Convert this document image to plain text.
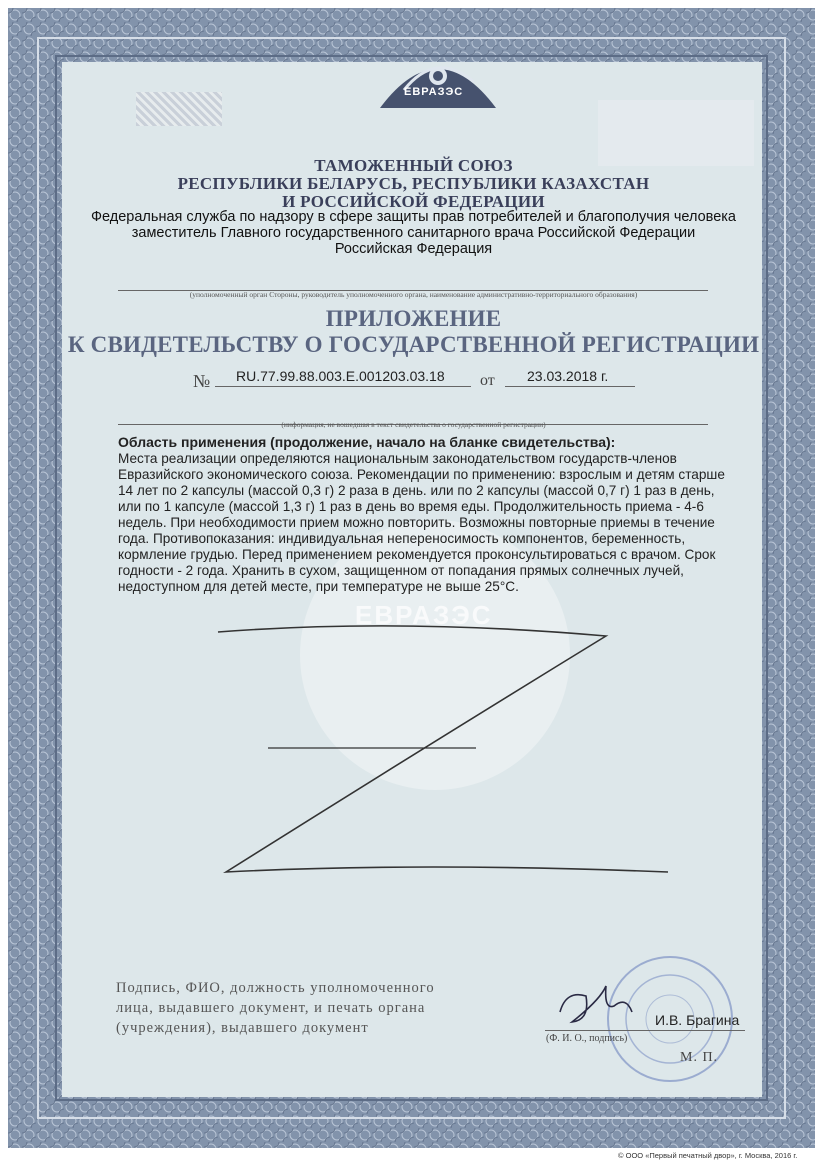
ЕВРАЗЭС
ЕВРАЗЭС
ТАМОЖЕННЫЙ СОЮЗ
РЕСПУБЛИКИ БЕЛАРУСЬ, РЕСПУБЛИКИ КАЗАХСТАН
И РОССИЙСКОЙ ФЕДЕРАЦИИ
Федеральная служба по надзору в сфере защиты прав потребителей и благополучия человека
заместитель Главного государственного санитарного врача Российской Федерации
Российская Федерация
(уполномоченный орган Стороны, руководитель уполномоченного органа, наименование административно-территориального образования)
ПРИЛОЖЕНИЕ
К СВИДЕТЕЛЬСТВУ О ГОСУДАРСТВЕННОЙ РЕГИСТРАЦИИ
№ RU.77.99.88.003.E.001203.03.18 от 23.03.2018 г.
(информация, не вошедшая в текст свидетельства о государственной регистрации)
Область применения (продолжение, начало на бланке свидетельства):
Места реализации определяются национальным законодательством государств-членов
Евразийского экономического союза. Рекомендации по применению: взрослым и детям старше
14 лет по 2 капсулы (массой 0,3 г) 2 раза в день. или по 2 капсулы (массой 0,7 г) 1 раз в день,
или по 1 капсуле (массой 1,3 г) 1 раз в день во время еды. Продолжительность приема - 4-6
недель. При необходимости прием можно повторить. Возможны повторные приемы в течение
года. Противопоказания: индивидуальная непереносимость компонентов, беременность,
кормление грудью. Перед применением рекомендуется проконсультироваться с врачом. Срок
годности - 2 года. Хранить в сухом, защищенном от попадания прямых солнечных лучей,
недоступном для детей месте, при температуре не выше 25°С.
Подпись, ФИО, должность уполномоченного
лица, выдавшего документ, и печать органа
(учреждения), выдавшего документ	И.В. Брагина
(Ф. И. О., подпись)
М. П.
© ООО «Первый печатный двор», г. Москва, 2016 г.
